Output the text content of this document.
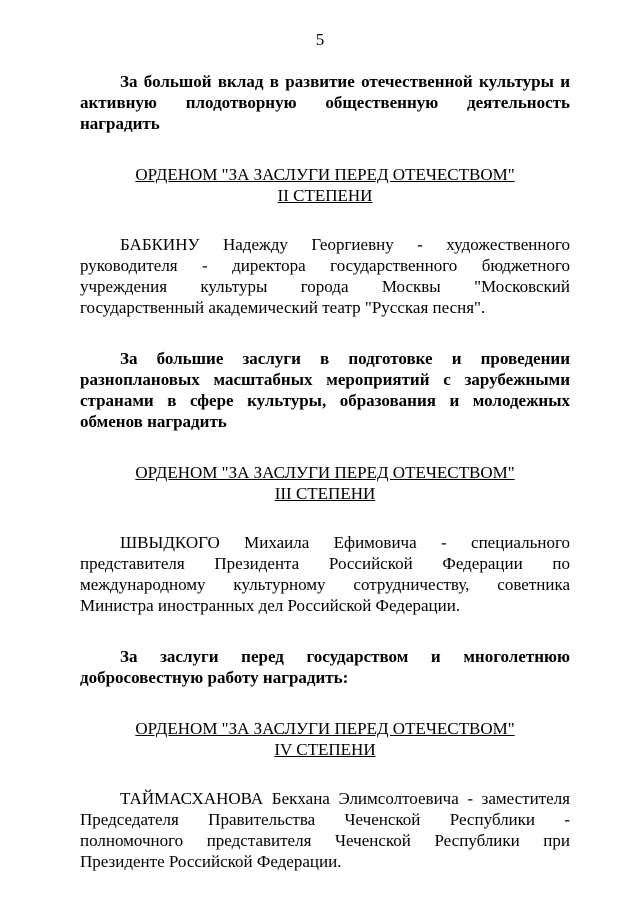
5

За большой вклад в развитие отечественной культуры и активную плодотворную общественную деятельность наградить

ОРДЕНОМ "ЗА ЗАСЛУГИ ПЕРЕД ОТЕЧЕСТВОМ"
II СТЕПЕНИ

БАБКИНУ Надежду Георгиевну - художественного руководителя - директора государственного бюджетного учреждения культуры города Москвы "Московский государственный академический театр "Русская песня".

За большие заслуги в подготовке и проведении разноплановых масштабных мероприятий с зарубежными странами в сфере культуры, образования и молодежных обменов наградить

ОРДЕНОМ "ЗА ЗАСЛУГИ ПЕРЕД ОТЕЧЕСТВОМ"
III СТЕПЕНИ

ШВЫДКОГО Михаила Ефимовича - специального представителя Президента Российской Федерации по международному культурному сотрудничеству, советника Министра иностранных дел Российской Федерации.

За заслуги перед государством и многолетнюю добросовестную работу наградить:

ОРДЕНОМ "ЗА ЗАСЛУГИ ПЕРЕД ОТЕЧЕСТВОМ"
IV СТЕПЕНИ

ТАЙМАСХАНОВА Бекхана Элимсолтоевича - заместителя Председателя Правительства Чеченской Республики - полномочного представителя Чеченской Республики при Президенте Российской Федерации.
